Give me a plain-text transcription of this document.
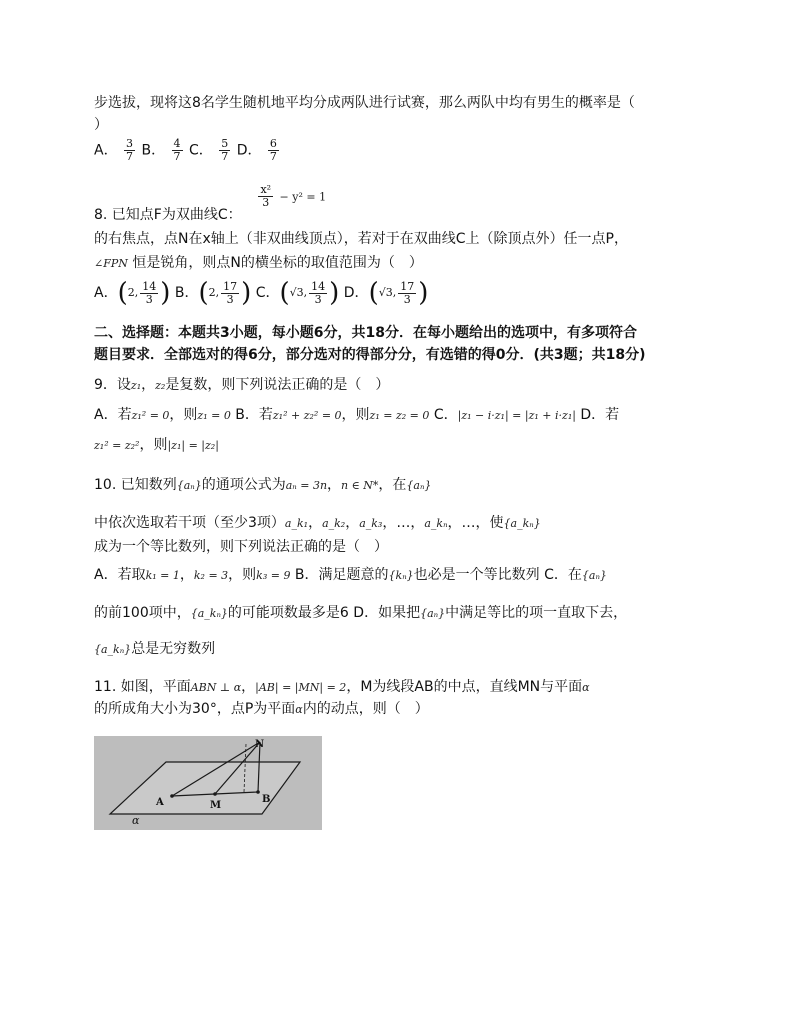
步选拔，现将这8名学生随机地平均分成两队进行试赛，那么两队中均有男生的概率是（
）
A． $\frac{3}{7}$ B． $\frac{4}{7}$ C． $\frac{5}{7}$ D． $\frac{6}{7}$

$\frac{\text{x²}}{3} - y^2 = 1$
8. 已知点F为双曲线C：
的右焦点，点N在x轴上（非双曲线顶点），若对于在双曲线C上（除顶点外）任一点P，
∠FPN 恒是锐角，则点N的横坐标的取值范围为（　）
A．(2, $\frac{14}{3}$ ) B．(2, $\frac{17}{3}$ ) C．(√3, $\frac{14}{3}$ ) D．(√3, $\frac{17}{3}$ )
二、选择题：本题共3小题，每小题6分，共18分．在每小题给出的选项中，有多项符合
题目要求．全部选对的得6分，部分选对的得部分分，有选错的得0分．(共3题；共18分)
9．设z₁，z₂是复数，则下列说法正确的是（　）
A．若z₁² = 0，则z₁ = 0 B．若z₁² + z₂² = 0，则z₁ = z₂ = 0 C．|z₁ − i·z₁| = |z₁ + i·z₁| D．若
z₁² = z₂²，则|z₁| = |z₂|
10. 已知数列{aₙ}的通项公式为aₙ = 3n，n ∈ N*，在{aₙ}
中依次选取若干项（至少3项）a_k₁，a_k₂，a_k₃，…，a_kₙ，…，使{a_kₙ}
成为一个等比数列，则下列说法正确的是（　）
A．若取k₁ = 1，k₂ = 3，则k₃ = 9 B．满足题意的{kₙ}也必是一个等比数列 C．在{aₙ}
的前100项中，{a_kₙ}的可能项数最多是6 D．如果把{aₙ}中满足等比的项一直取下去，
{a_kₙ}总是无穷数列
11. 如图，平面ABN ⊥ α，|AB| = |MN| = 2，M为线段AB的中点，直线MN与平面α
的所成角大小为30°，点P为平面α内的动点，则（　）
N
A	M
B
α
